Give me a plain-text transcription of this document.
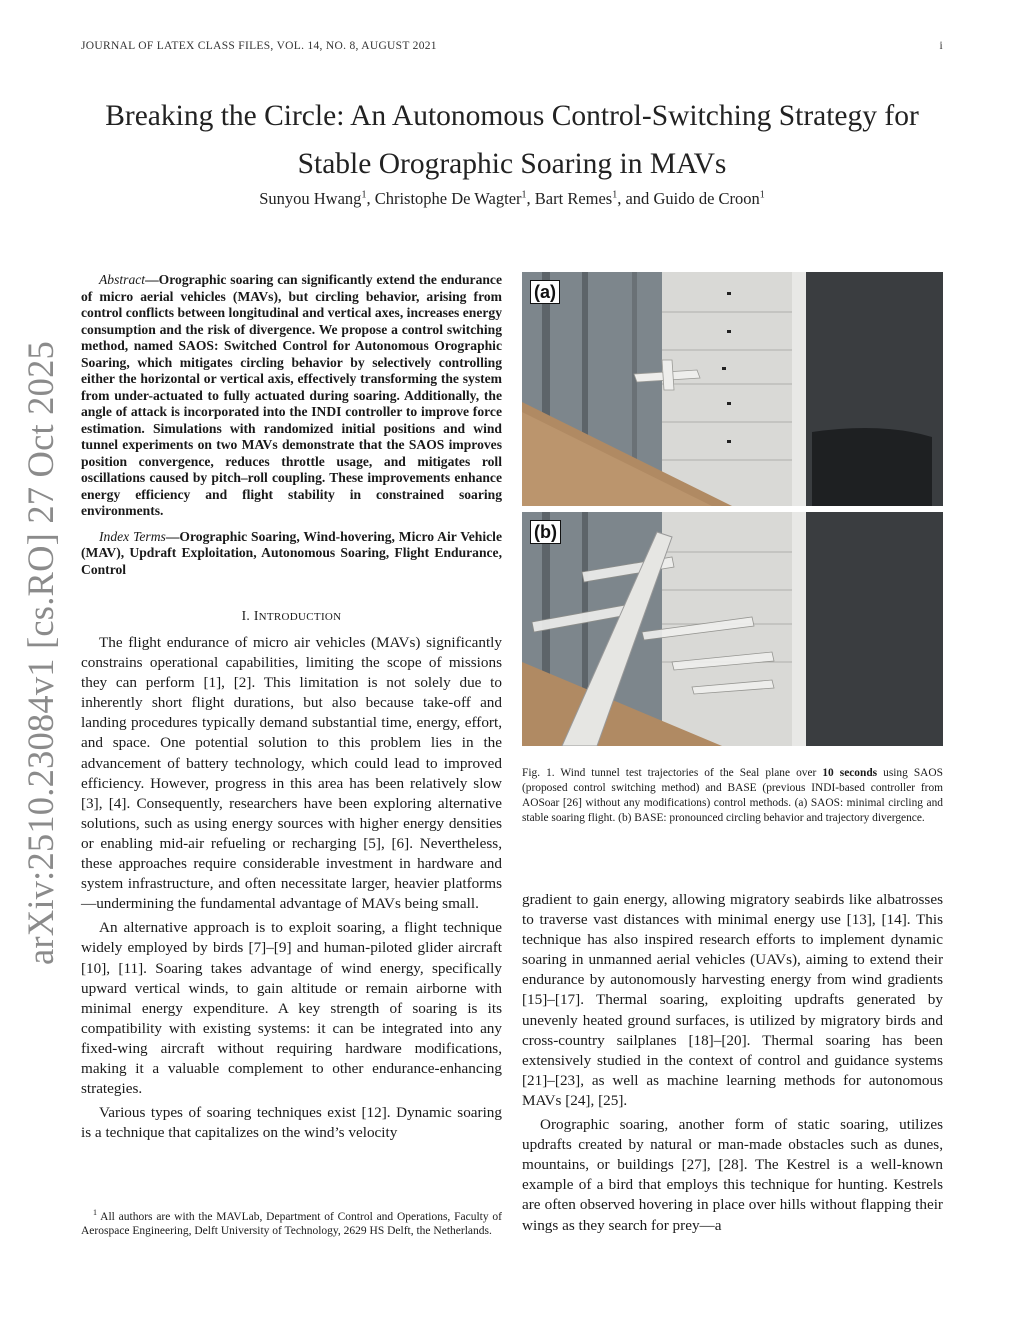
JOURNAL OF LATEX CLASS FILES, VOL. 14, NO. 8, AUGUST 2021	i
arXiv:2510.23084v1 [cs.RO] 27 Oct 2025
Breaking the Circle: An Autonomous Control-Switching Strategy for
Stable Orographic Soaring in MAVs
Sunyou Hwang$^1$, Christophe De Wagter$^1$, Bart Remes$^1$, and Guido de Croon$^1$

Abstract—Orographic soaring can significantly extend the endurance of micro aerial vehicles (MAVs), but circling behavior, arising from control conflicts between longitudinal and vertical axes, increases energy consumption and the risk of divergence. We propose a control switching method, named SAOS: Switched Control for Autonomous Orographic Soaring, which mitigates circling behavior by selectively controlling either the horizontal or vertical axis, effectively transforming the system from under-actuated to fully actuated during soaring. Additionally, the angle of attack is incorporated into the INDI controller to improve force estimation. Simulations with randomized initial positions and wind tunnel experiments on two MAVs demonstrate that the SAOS improves position convergence, reduces throttle usage, and mitigates roll oscillations caused by pitch–roll coupling. These improvements enhance energy efficiency and flight stability in constrained soaring environments.

Index Terms—Orographic Soaring, Wind-hovering, Micro Air Vehicle (MAV), Updraft Exploitation, Autonomous Soaring, Flight Endurance, Control

I. INTRODUCTION

The flight endurance of micro air vehicles (MAVs) significantly constrains operational capabilities, limiting the scope of missions they can perform [1], [2]. This limitation is not solely due to inherently short flight durations, but also because take-off and landing procedures typically demand substantial time, energy, effort, and space. One potential solution to this problem lies in the advancement of battery technology, which could lead to improved efficiency. However, progress in this area has been relatively slow [3], [4]. Consequently, researchers have been exploring alternative solutions, such as using energy sources with higher energy densities or enabling mid-air refueling or recharging [5], [6]. Nevertheless, these approaches require considerable investment in hardware and system infrastructure, and often necessitate larger, heavier platforms—undermining the fundamental advantage of MAVs being small.

An alternative approach is to exploit soaring, a flight technique widely employed by birds [7]–[9] and human-piloted glider aircraft [10], [11]. Soaring takes advantage of wind energy, specifically upward vertical winds, to gain altitude or remain airborne with minimal energy expenditure. A key strength of soaring is its compatibility with existing systems: it can be integrated into any fixed-wing aircraft without requiring hardware modifications, making it a valuable complement to other endurance-enhancing strategies.

Various types of soaring techniques exist [12]. Dynamic soaring is a technique that capitalizes on the wind’s velocity

$^1$ All authors are with the MAVLab, Department of Control and Operations, Faculty of Aerospace Engineering, Delft University of Technology, 2629 HS Delft, the Netherlands.
(a)
(b)

Fig. 1. Wind tunnel test trajectories of the Seal plane over 10 seconds using SAOS (proposed control switching method) and BASE (previous INDI-based controller from AOSoar [26] without any modifications) control methods. (a) SAOS: minimal circling and stable soaring flight. (b) BASE: pronounced circling behavior and trajectory divergence.

gradient to gain energy, allowing migratory seabirds like albatrosses to traverse vast distances with minimal energy use [13], [14]. This technique has also inspired research efforts to implement dynamic soaring in unmanned aerial vehicles (UAVs), aiming to extend their endurance by autonomously harvesting energy from wind gradients [15]–[17]. Thermal soaring, exploiting updrafts generated by unevenly heated ground surfaces, is utilized by migratory birds and cross-country sailplanes [18]–[20]. Thermal soaring has been extensively studied in the context of control and guidance systems [21]–[23], as well as machine learning methods for autonomous MAVs [24], [25].

Orographic soaring, another form of static soaring, utilizes updrafts created by natural or man-made obstacles such as dunes, mountains, or buildings [27], [28]. The Kestrel is a well-known example of a bird that employs this technique for hunting. Kestrels are often observed hovering in place over hills without flapping their wings as they search for prey—a
